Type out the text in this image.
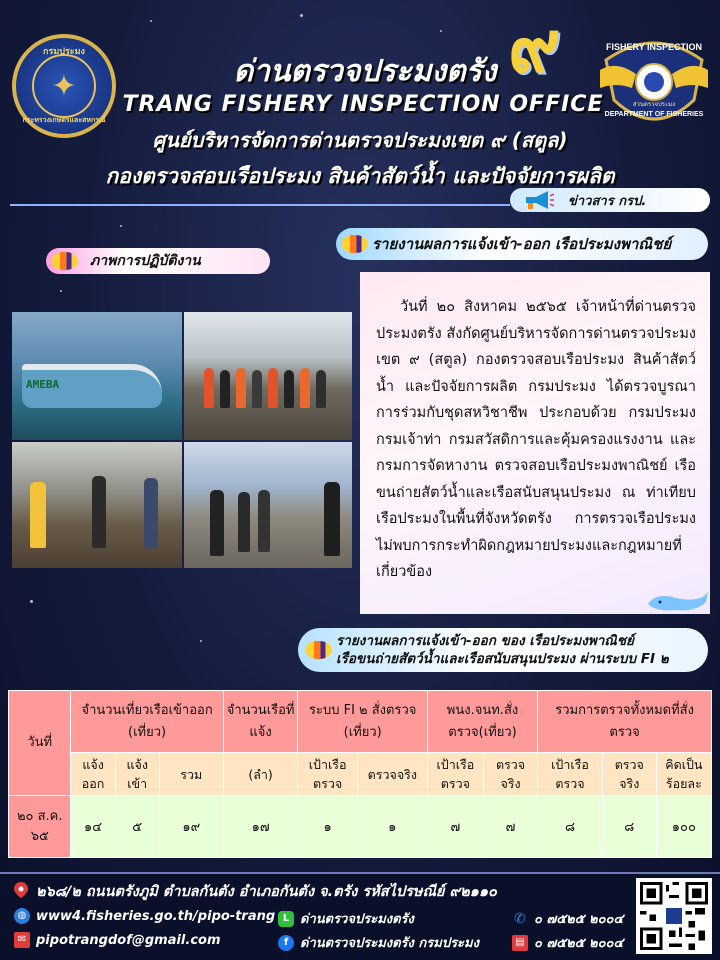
กรมประมง
✦
กระทรวงเกษตรและสหกรณ์
๙	FISHERY INSPECTION
DEPARTMENT OF FISHERIES
ส่วนตรวจประมง
ด่านตรวจประมงตรัง
TRANG FISHERY INSPECTION OFFICE
ศูนย์บริหารจัดการด่านตรวจประมงเขต ๙ (สตูล)
กองตรวจสอบเรือประมง สินค้าสัตว์น้ำ และปัจจัยการผลิต
ข่าวสาร กรป.
รายงานผลการแจ้งเข้า-ออก เรือประมงพาณิชย์
ภาพการปฏิบัติงาน
AMEBA

วันที่ ๒๐ สิงหาคม ๒๕๖๕ เจ้าหน้าที่ด่านตรวจประมงตรัง สังกัดศูนย์บริหารจัดการด่านตรวจประมง เขต ๙ (สตูล) กองตรวจสอบเรือประมง สินค้าสัตว์น้ำ และปัจจัยการผลิต กรมประมง ได้ตรวจบูรณาการร่วมกับชุดสหวิชาชีพ ประกอบด้วย กรมประมง กรมเจ้าท่า กรมสวัสดิการและคุ้มครองแรงงาน และกรมการจัดหางาน ตรวจสอบเรือประมงพาณิชย์ เรือขนถ่ายสัตว์น้ำและเรือสนับสนุนประมง ณ ท่าเทียบเรือประมงในพื้นที่จังหวัดตรัง การตรวจเรือประมง ไม่พบการกระทำผิดกฎหมายประมงและกฎหมายที่เกี่ยวข้อง

รายงานผลการแจ้งเข้า-ออก ของ เรือประมงพาณิชย์
เรือขนถ่ายสัตว์น้ำและเรือสนับสนุนประมง ผ่านระบบ FI ๒
วันที่	จำนวนเที่ยวเรือเข้าออก (เที่ยว)			จำนวนเรือที่แจ้ง	ระบบ FI ๒ สั่งตรวจ (เที่ยว)		พนง.จนท.สั่งตรวจ(เที่ยว)		รวมการตรวจทั้งหมดที่สั่งตรวจ		
	แจ้งออก	แจ้งเข้า	รวม	(ลำ)	เป้าเรือตรวจ	ตรวจจริง	เป้าเรือตรวจ	ตรวจจริง	เป้าเรือตรวจ	ตรวจจริง	คิดเป็นร้อยละ
๒๐ ส.ค. ๖๕	๑๔	๕	๑๙	๑๗	๑	๑	๗	๗	๘	๘	๑๐๐
๒๖๘/๒ ถนนตรังภูมิ ตำบลกันตัง อำเภอกันตัง จ.ตรัง รหัสไปรษณีย์ ๙๒๑๑๐
◍ www4.fisheries.go.th/pipo-trang L ด่านตรวจประมงตรัง	✆ ๐ ๗๕๒๕ ๒๐๐๔
✉ pipotrangdof@gmail.com	f ด่านตรวจประมงตรัง กรมประมง	▤ ๐ ๗๕๒๕ ๒๐๐๔
